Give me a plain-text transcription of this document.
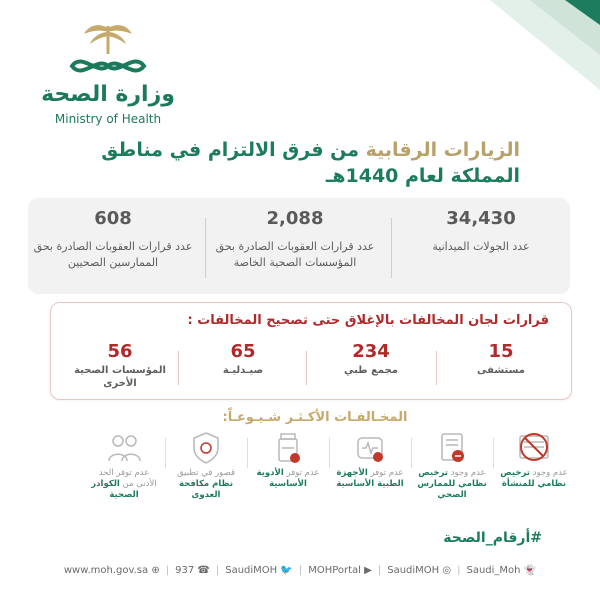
وزارة الصحة
Ministry of Health
الزيارات الرقابية من فرق الالتزام في مناطق
المملكة لعام 1440هـ
34,430
عدد الجولات الميدانية
2,088
عدد قرارات العقوبات الصادرة بحق المؤسسات الصحية الخاصة
608
عدد قرارات العقوبات الصادرة بحق الممارسين الصحيين
قرارات لجان المخالفات بالإغلاق حتى تصحيح المخالفات :
15
مستشفى
234
مجمع طبي
65
صيـدليـة
56
المؤسسات الصحية الأخرى
المخـالفـات الأكـثـر شـيـوعـاً:
عدم وجود ترخيص نظامي للمنشأة
عدم وجود ترخيص نظامي للممارس الصحي
عدم توفر الأجهزة الطبية الأساسية
عدم توفر الأدوية الأساسية
قصور في تطبيق نظام مكافحة العدوى
عدم توفر الحد الأدنى من الكوادر الصحية
#أرقام_الصحة
👻 Saudi_Moh
|
◎ SaudiMOH
|
▶ MOHPortal
|
🐦 SaudiMOH
|
☎ 937
|
⊕ www.moh.gov.sa
